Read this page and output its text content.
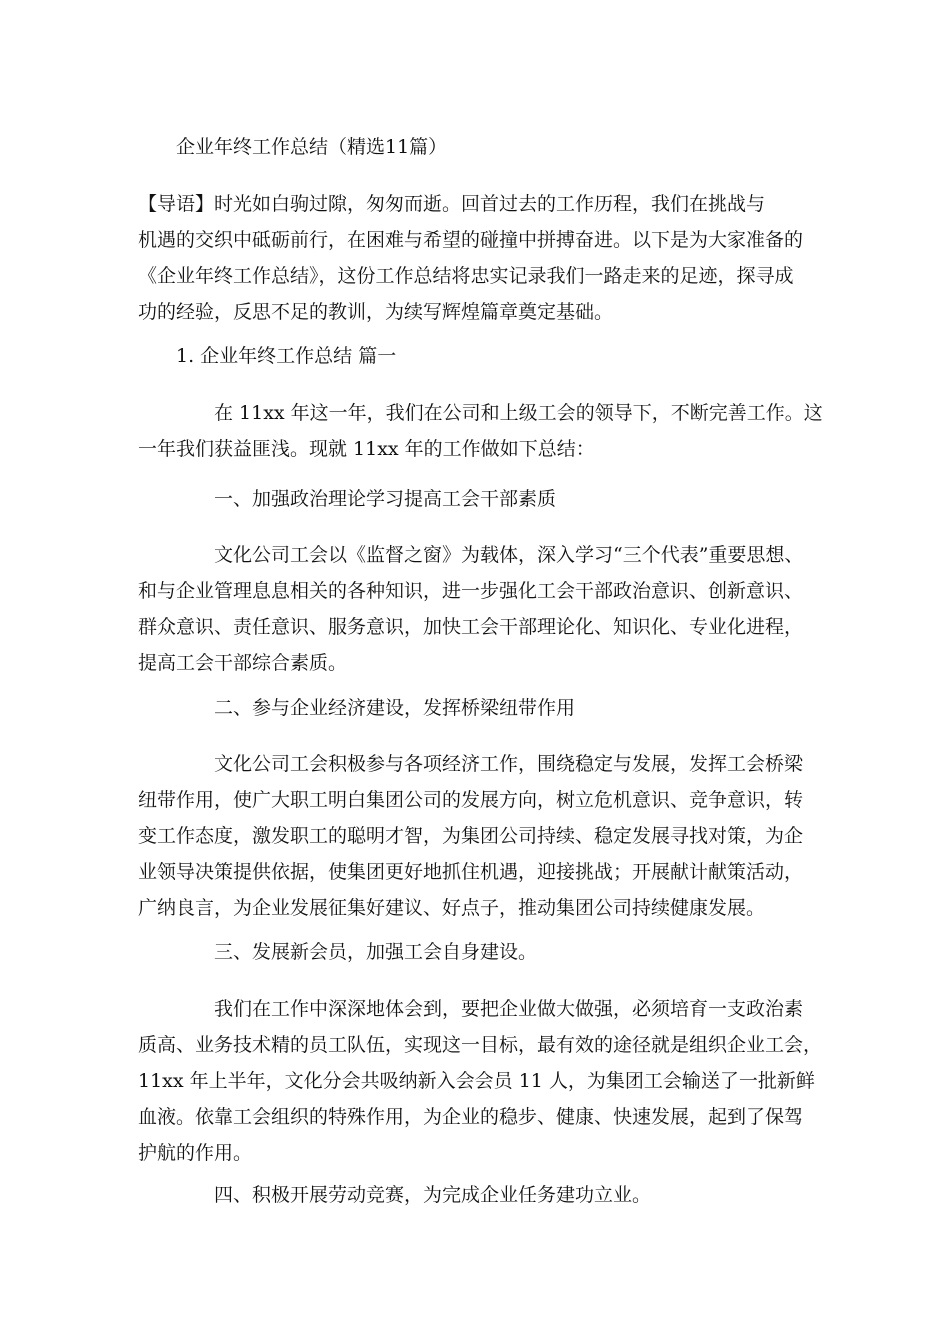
企业年终工作总结（精选11篇）
【导语】时光如白驹过隙，匆匆而逝。回首过去的工作历程，我们在挑战与
机遇的交织中砥砺前行，在困难与希望的碰撞中拼搏奋进。以下是为大家准备的
《企业年终工作总结》，这份工作总结将忠实记录我们一路走来的足迹，探寻成
功的经验，反思不足的教训，为续写辉煌篇章奠定基础。
1. 企业年终工作总结 篇一
在 11xx 年这一年，我们在公司和上级工会的领导下，不断完善工作。这
一年我们获益匪浅。现就 11xx 年的工作做如下总结：
一、加强政治理论学习提高工会干部素质
文化公司工会以《监督之窗》为载体，深入学习“三个代表”重要思想、
和与企业管理息息相关的各种知识，进一步强化工会干部政治意识、创新意识、
群众意识、责任意识、服务意识，加快工会干部理论化、知识化、专业化进程，
提高工会干部综合素质。
二、参与企业经济建设，发挥桥梁纽带作用
文化公司工会积极参与各项经济工作，围绕稳定与发展，发挥工会桥梁
纽带作用，使广大职工明白集团公司的发展方向，树立危机意识、竞争意识，转
变工作态度，激发职工的聪明才智，为集团公司持续、稳定发展寻找对策，为企
业领导决策提供依据，使集团更好地抓住机遇，迎接挑战；开展献计献策活动，
广纳良言，为企业发展征集好建议、好点子，推动集团公司持续健康发展。
三、发展新会员，加强工会自身建设。
我们在工作中深深地体会到，要把企业做大做强，必须培育一支政治素
质高、业务技术精的员工队伍，实现这一目标，最有效的途径就是组织企业工会，
11xx 年上半年，文化分会共吸纳新入会会员 11 人，为集团工会输送了一批新鲜
血液。依靠工会组织的特殊作用，为企业的稳步、健康、快速发展，起到了保驾
护航的作用。
四、积极开展劳动竞赛，为完成企业任务建功立业。
